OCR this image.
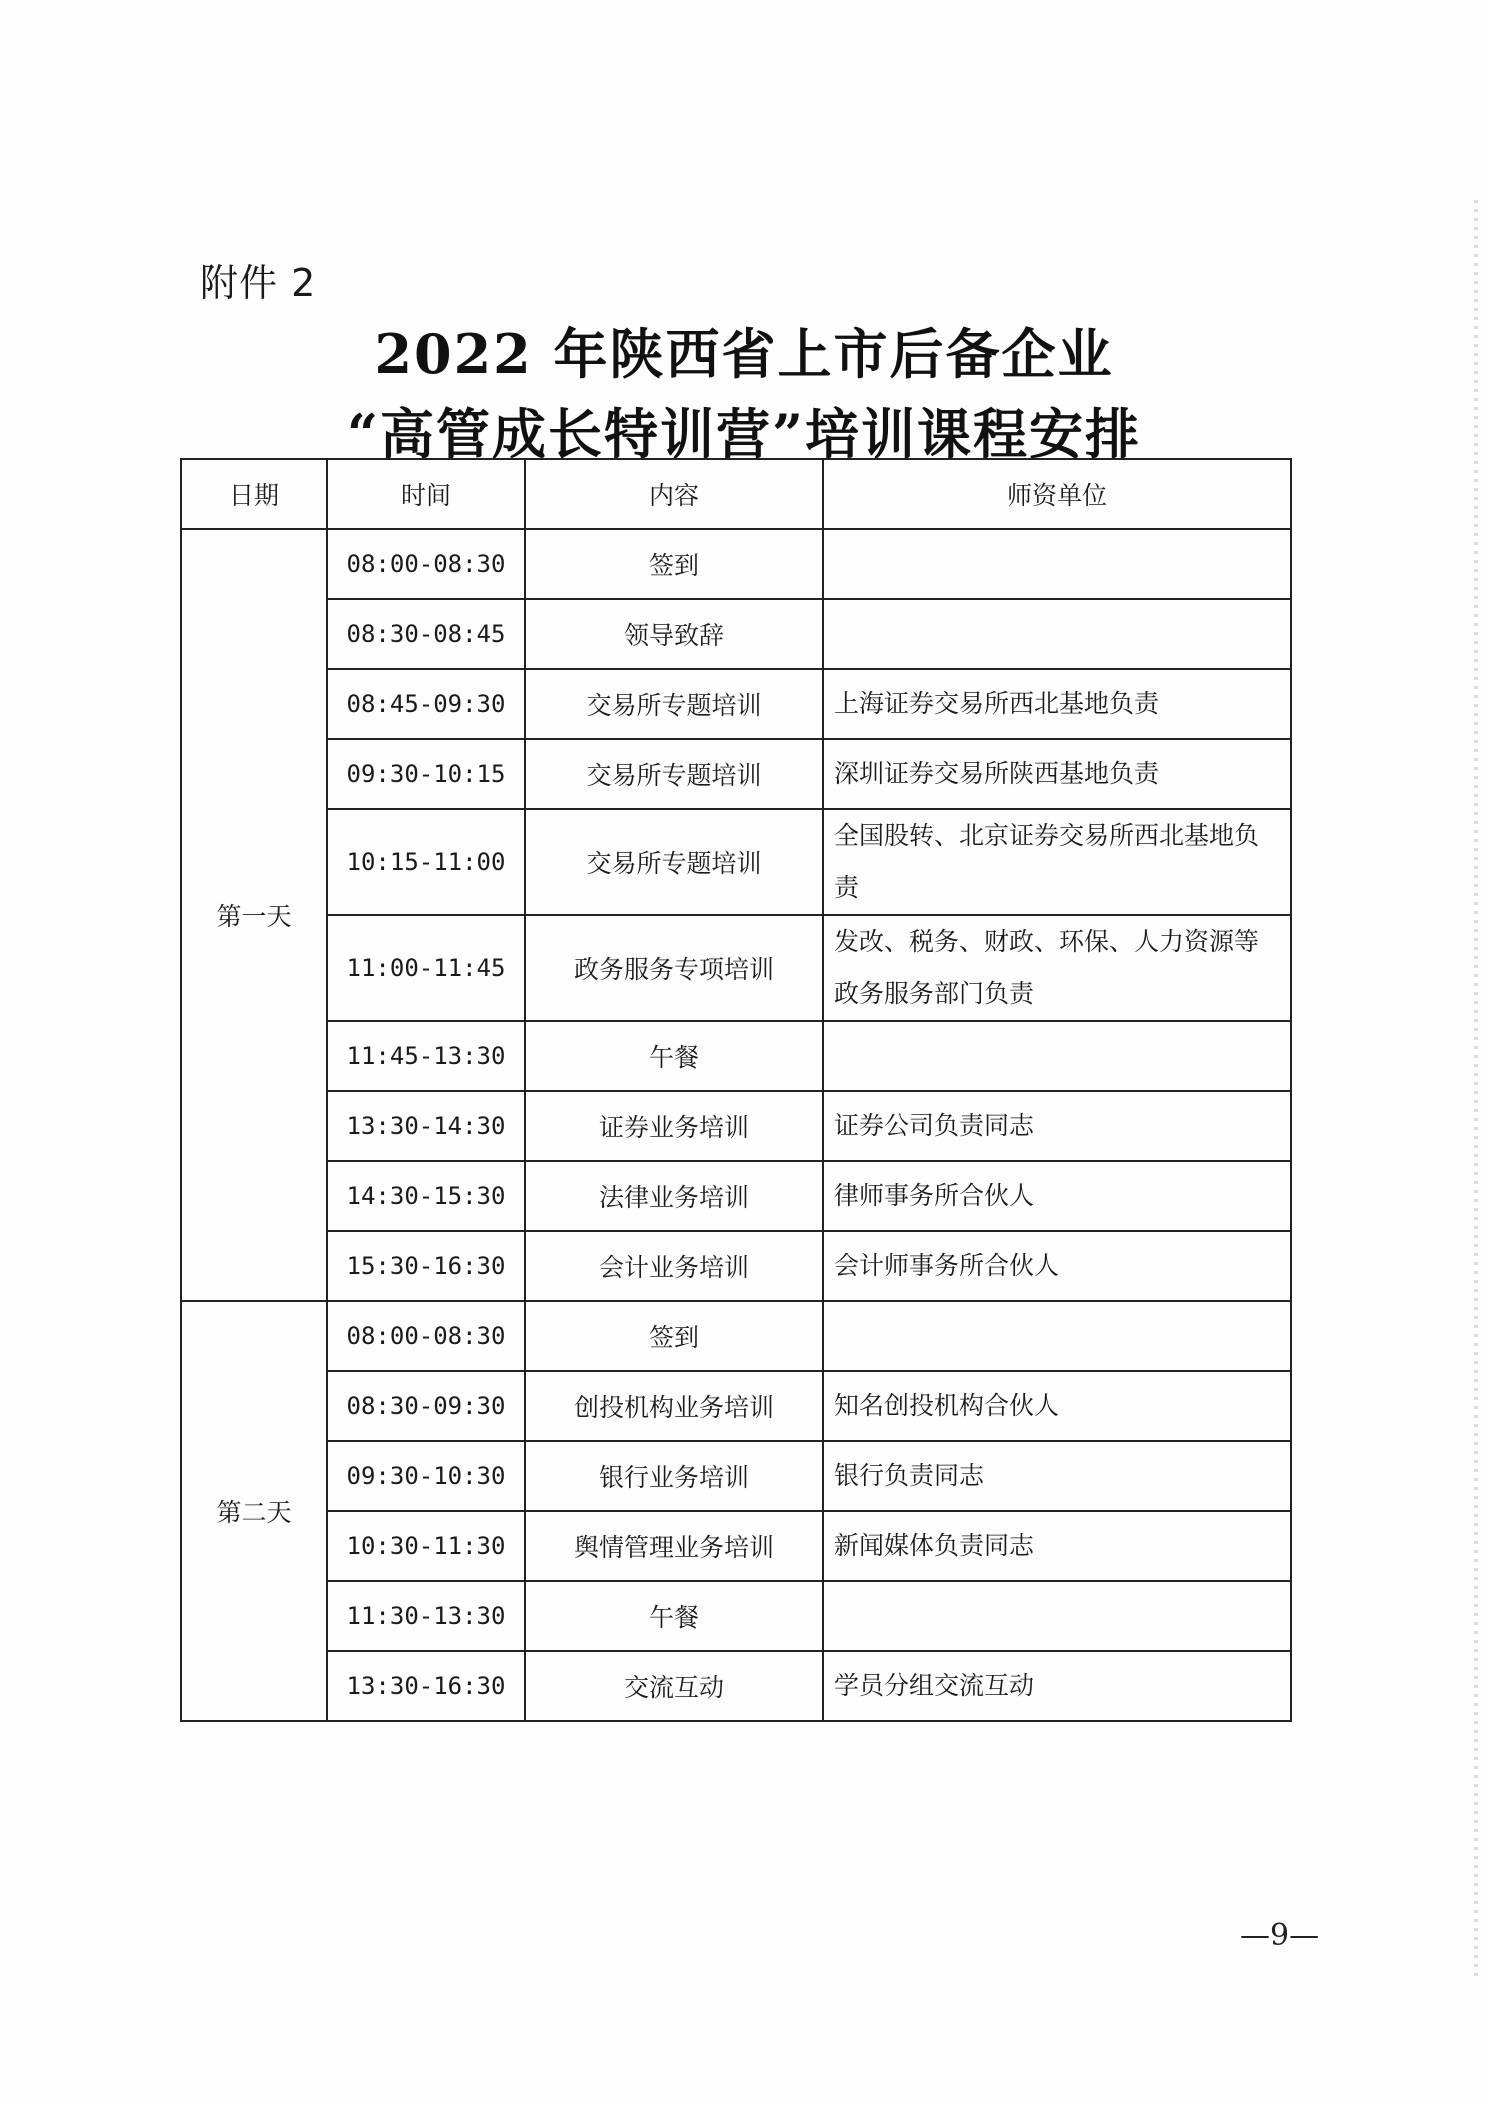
附件 2
2022 年陕西省上市后备企业
“高管成长特训营”培训课程安排
日期	时间	内容	师资单位
第一天	08:00-08:30	签到	
	08:30-08:45	领导致辞	
	08:45-09:30	交易所专题培训	上海证券交易所西北基地负责
	09:30-10:15	交易所专题培训	深圳证券交易所陕西基地负责
	10:15-11:00	交易所专题培训	全国股转、北京证券交易所西北基地负责
	11:00-11:45	政务服务专项培训	发改、税务、财政、环保、人力资源等政务服务部门负责
	11:45-13:30	午餐	
	13:30-14:30	证券业务培训	证券公司负责同志
	14:30-15:30	法律业务培训	律师事务所合伙人
	15:30-16:30	会计业务培训	会计师事务所合伙人
第二天	08:00-08:30	签到	
	08:30-09:30	创投机构业务培训	知名创投机构合伙人
	09:30-10:30	银行业务培训	银行负责同志
	10:30-11:30	舆情管理业务培训	新闻媒体负责同志
	11:30-13:30	午餐	
	13:30-16:30	交流互动	学员分组交流互动
—9—
